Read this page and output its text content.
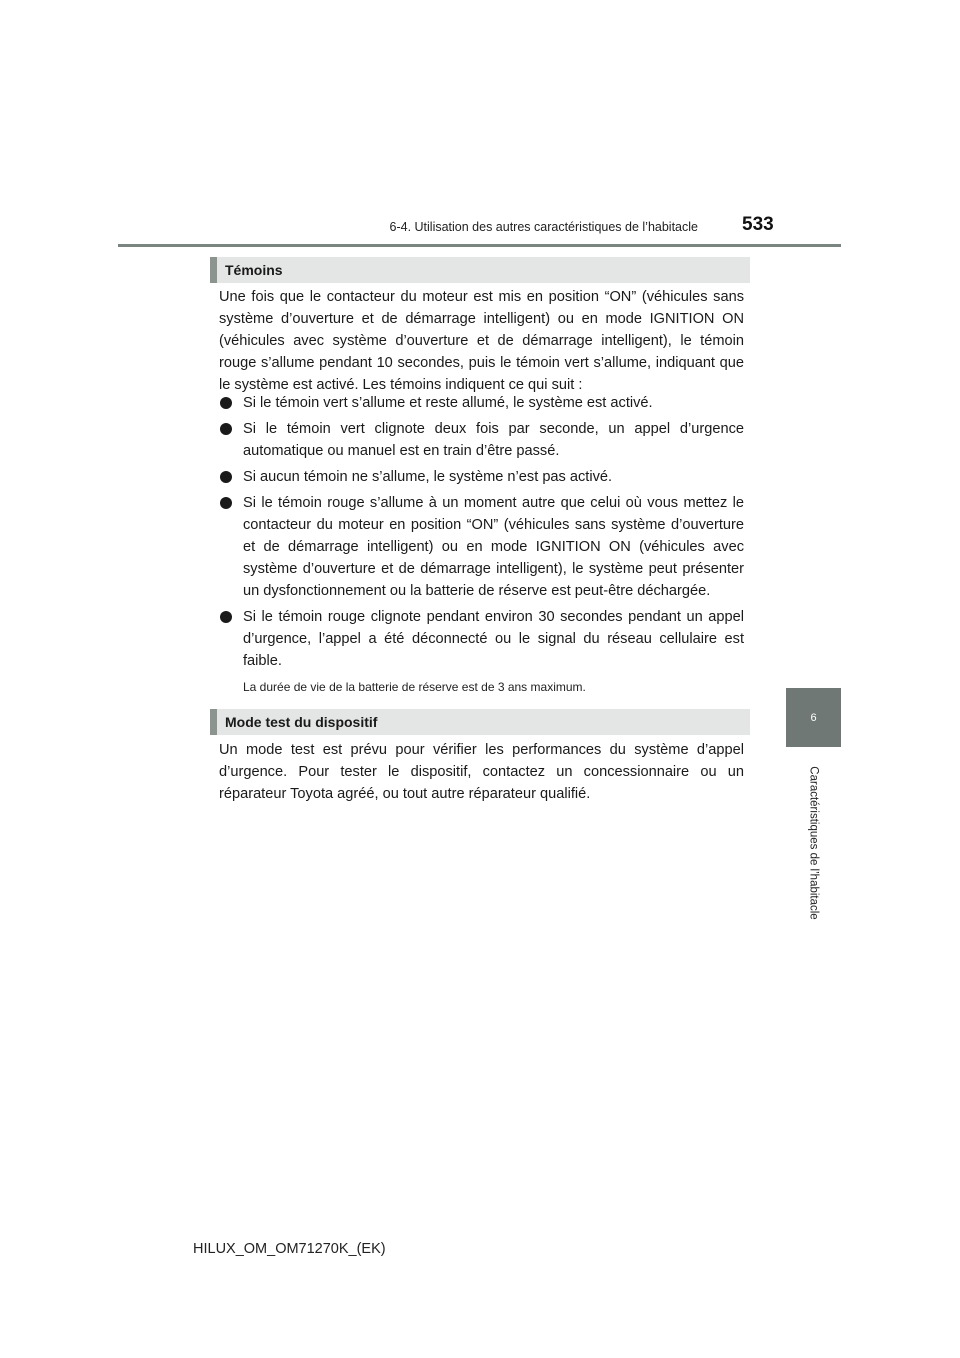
6-4. Utilisation des autres caractéristiques de l’habitacle 533
6
Caractéristiques de l’habitacle
Témoins

Une fois que le contacteur du moteur est mis en position “ON” (véhicules sans système d’ouverture et de démarrage intelligent) ou en mode IGNITION ON (véhicules avec système d’ouverture et de démarrage intelligent), le témoin rouge s’allume pendant 10 secondes, puis le témoin vert s’allume, indiquant que le système est activé. Les témoins indiquent ce qui suit :

Si le témoin vert s’allume et reste allumé, le système est activé.
Si le témoin vert clignote deux fois par seconde, un appel d’urgence automatique ou manuel est en train d’être passé.
Si aucun témoin ne s’allume, le système n’est pas activé.
Si le témoin rouge s’allume à un moment autre que celui où vous mettez le contacteur du moteur en position “ON” (véhicules sans système d’ouverture et de démarrage intelligent) ou en mode IGNITION ON (véhicules avec système d’ouverture et de démarrage intelligent), le système peut présenter un dysfonctionnement ou la batterie de réserve est peut-être déchargée.
Si le témoin rouge clignote pendant environ 30 secondes pendant un appel d’urgence, l’appel a été déconnecté ou le signal du réseau cellulaire est faible.

La durée de vie de la batterie de réserve est de 3 ans maximum.

Mode test du dispositif

Un mode test est prévu pour vérifier les performances du système d’appel d’urgence. Pour tester le dispositif, contactez un concessionnaire ou un réparateur Toyota agréé, ou tout autre réparateur qualifié.

HILUX_OM_OM71270K_(EK)
